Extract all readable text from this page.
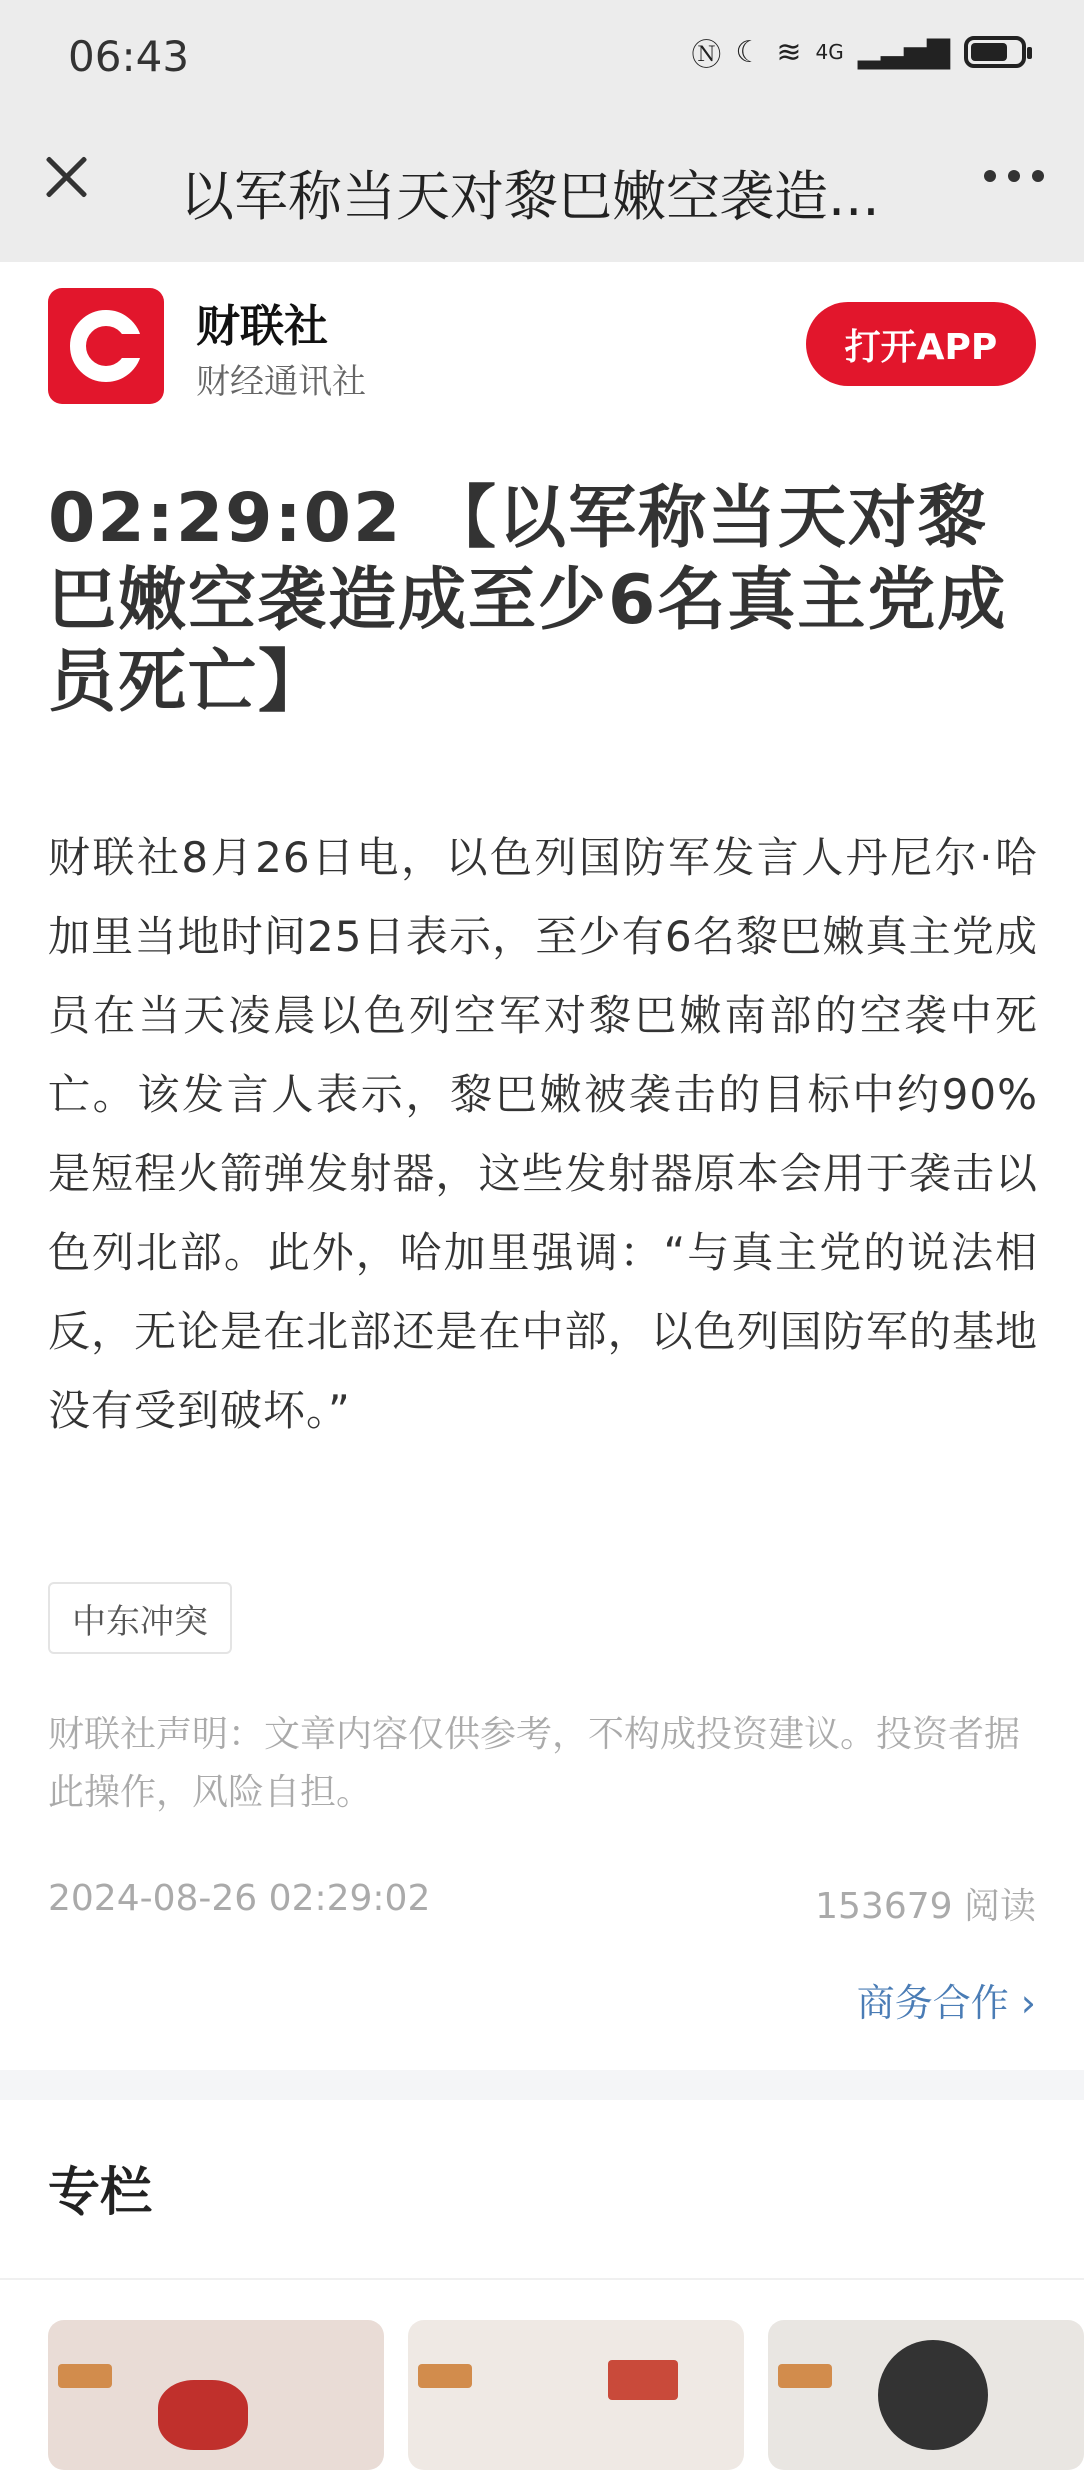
06:43	Ⓝ ☾ ≋ 4G ▂▃▅▇
以军称当天对黎巴嫩空袭造...
财联社
财经通讯社
打开APP
02:29:02 【以军称当天对黎巴嫩空袭造成至少6名真主党成员死亡】
财联社8月26日电，以色列国防军发言人丹尼尔·哈加里当地时间25日表示，至少有6名黎巴嫩真主党成员在当天凌晨以色列空军对黎巴嫩南部的空袭中死亡。该发言人表示，黎巴嫩被袭击的目标中约90%是短程火箭弹发射器，这些发射器原本会用于袭击以色列北部。此外，哈加里强调：“与真主党的说法相反，无论是在北部还是在中部，以色列国防军的基地没有受到破坏。”
中东冲突
财联社声明：文章内容仅供参考，不构成投资建议。投资者据此操作，风险自担。
2024-08-26 02:29:02	153679 阅读
商务合作 ›
专栏
